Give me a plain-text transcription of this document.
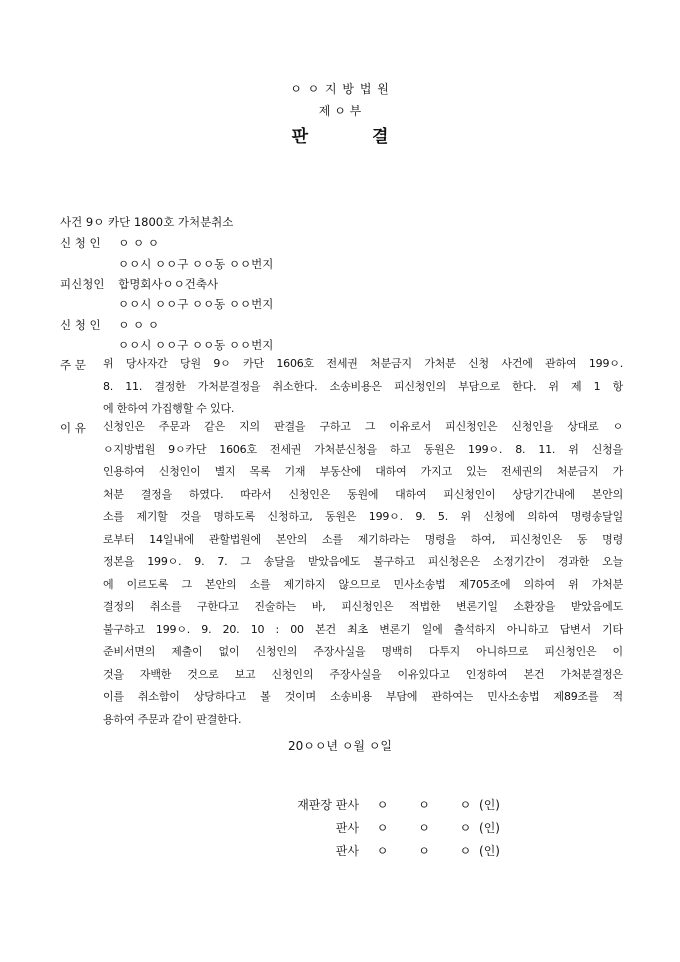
ㅇ ㅇ 지 방 법 원
제 ㅇ 부
판 결
사건 9ㅇ 카단 1800호 가처분취소
신 청 인 ㅇ ㅇ ㅇ
ㅇㅇ시 ㅇㅇ구 ㅇㅇ동 ㅇㅇ번지
피신청인 합명회사ㅇㅇ건축사
ㅇㅇ시 ㅇㅇ구 ㅇㅇ동 ㅇㅇ번지
신 청 인 ㅇ ㅇ ㅇ
ㅇㅇ시 ㅇㅇ구 ㅇㅇ동 ㅇㅇ번지
주 문 위 당사자간 당원 9ㅇ 카단 1606호 전세권 처분금지 가처분 신청 사건에 관하여 199ㅇ.
8. 11. 결정한 가처분결정을 취소한다. 소송비용은 피신청인의 부담으로 한다. 위 제 1 항
에 한하여 가집행할 수 있다.
이 유 신청인은 주문과 같은 지의 판결을 구하고 그 이유로서 피신청인은 신청인을 상대로 ㅇ
ㅇ지방법원 9ㅇ카단 1606호 전세권 가처분신청을 하고 동원은 199ㅇ. 8. 11. 위 신청을
인용하여 신청인이 별지 목록 기재 부동산에 대하여 가지고 있는 전세권의 처분금지 가
처분 결정을 하였다. 따라서 신청인은 동원에 대하여 피신청인이 상당기간내에 본안의
소를 제기할 것을 명하도록 신청하고, 동원은 199ㅇ. 9. 5. 위 신청에 의하여 명령송달일
로부터 14일내에 관할법원에 본안의 소를 제기하라는 명령을 하여, 피신청인은 동 명령
정본을 199ㅇ. 9. 7. 그 송달을 받았음에도 불구하고 피신청은은 소정기간이 경과한 오늘
에 이르도록 그 본안의 소를 제기하지 않으므로 민사소송법 제705조에 의하여 위 가처분
결정의 취소를 구한다고 진술하는 바, 피신청인은 적법한 변론기일 소환장을 받았음에도
불구하고 199ㅇ. 9. 20. 10 : 00 본건 최초 변론기 일에 출석하지 아니하고 답변서 기타
준비서면의 제출이 없이 신청인의 주장사실을 명백히 다투지 아니하므로 피신청인은 이
것을 자백한 것으로 보고 신청인의 주장사실을 이유있다고 인정하여 본건 가처분결정은
이를 취소함이 상당하다고 볼 것이며 소송비용 부담에 관하여는 민사소송법 제89조를 적
용하여 주문과 같이 판결한다.
20ㅇㅇ년 ㅇ월 ㅇ일
재판장 판사 ㅇ ㅇ ㅇ (인)
판사 ㅇ ㅇ ㅇ (인)
판사 ㅇ ㅇ ㅇ (인)
